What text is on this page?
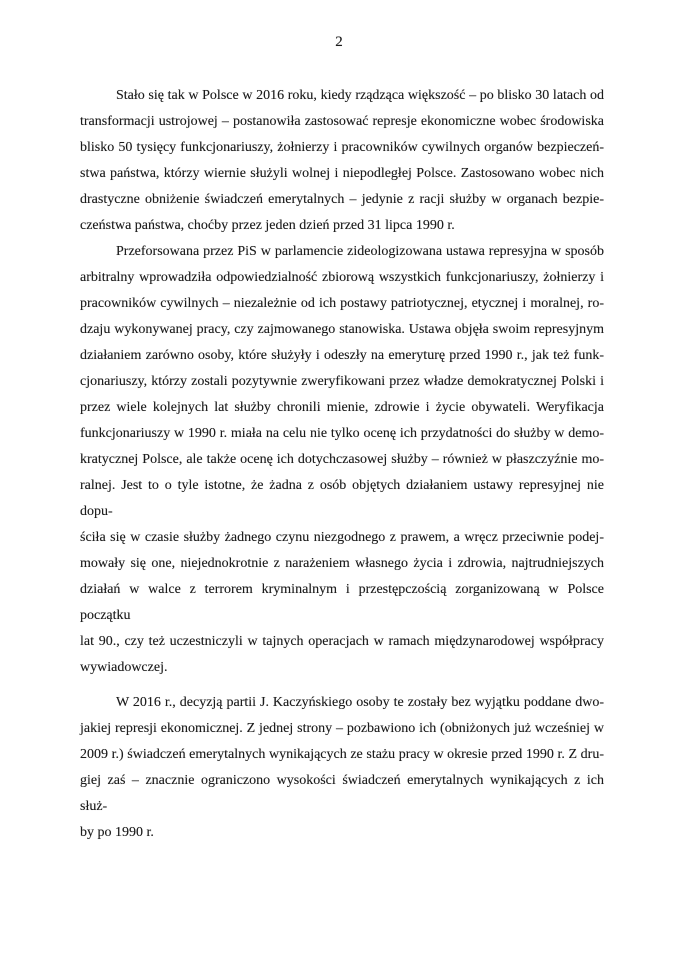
2
Stało się tak w Polsce w 2016 roku, kiedy rządząca większość – po blisko 30 latach od
transformacji ustrojowej – postanowiła zastosować represje ekonomiczne wobec środowiska
blisko 50 tysięcy funkcjonariuszy, żołnierzy i pracowników cywilnych organów bezpieczeń-
stwa państwa, którzy wiernie służyli wolnej i niepodległej Polsce. Zastosowano wobec nich
drastyczne obniżenie świadczeń emerytalnych – jedynie z racji służby w organach bezpie-
czeństwa państwa, choćby przez jeden dzień przed 31 lipca 1990 r.
Przeforsowana przez PiS w parlamencie zideologizowana ustawa represyjna w sposób
arbitralny wprowadziła odpowiedzialność zbiorową wszystkich funkcjonariuszy, żołnierzy i
pracowników cywilnych – niezależnie od ich postawy patriotycznej, etycznej i moralnej, ro-
dzaju wykonywanej pracy, czy zajmowanego stanowiska. Ustawa objęła swoim represyjnym
działaniem zarówno osoby, które służyły i odeszły na emeryturę przed 1990 r., jak też funk-
cjonariuszy, którzy zostali pozytywnie zweryfikowani przez władze demokratycznej Polski i
przez wiele kolejnych lat służby chronili mienie, zdrowie i życie obywateli. Weryfikacja
funkcjonariuszy w 1990 r. miała na celu nie tylko ocenę ich przydatności do służby w demo-
kratycznej Polsce, ale także ocenę ich dotychczasowej służby – również w płaszczyźnie mo-
ralnej. Jest to o tyle istotne, że żadna z osób objętych działaniem ustawy represyjnej nie dopu-
ściła się w czasie służby żadnego czynu niezgodnego z prawem, a wręcz przeciwnie podej-
mowały się one, niejednokrotnie z narażeniem własnego życia i zdrowia, najtrudniejszych
działań w walce z terrorem kryminalnym i przestępczością zorganizowaną w Polsce początku
lat 90., czy też uczestniczyli w tajnych operacjach w ramach międzynarodowej współpracy
wywiadowczej.
W 2016 r., decyzją partii J. Kaczyńskiego osoby te zostały bez wyjątku poddane dwo-
jakiej represji ekonomicznej. Z jednej strony – pozbawiono ich (obniżonych już wcześniej w
2009 r.) świadczeń emerytalnych wynikających ze stażu pracy w okresie przed 1990 r. Z dru-
giej zaś – znacznie ograniczono wysokości świadczeń emerytalnych wynikających z ich służ-
by po 1990 r.
